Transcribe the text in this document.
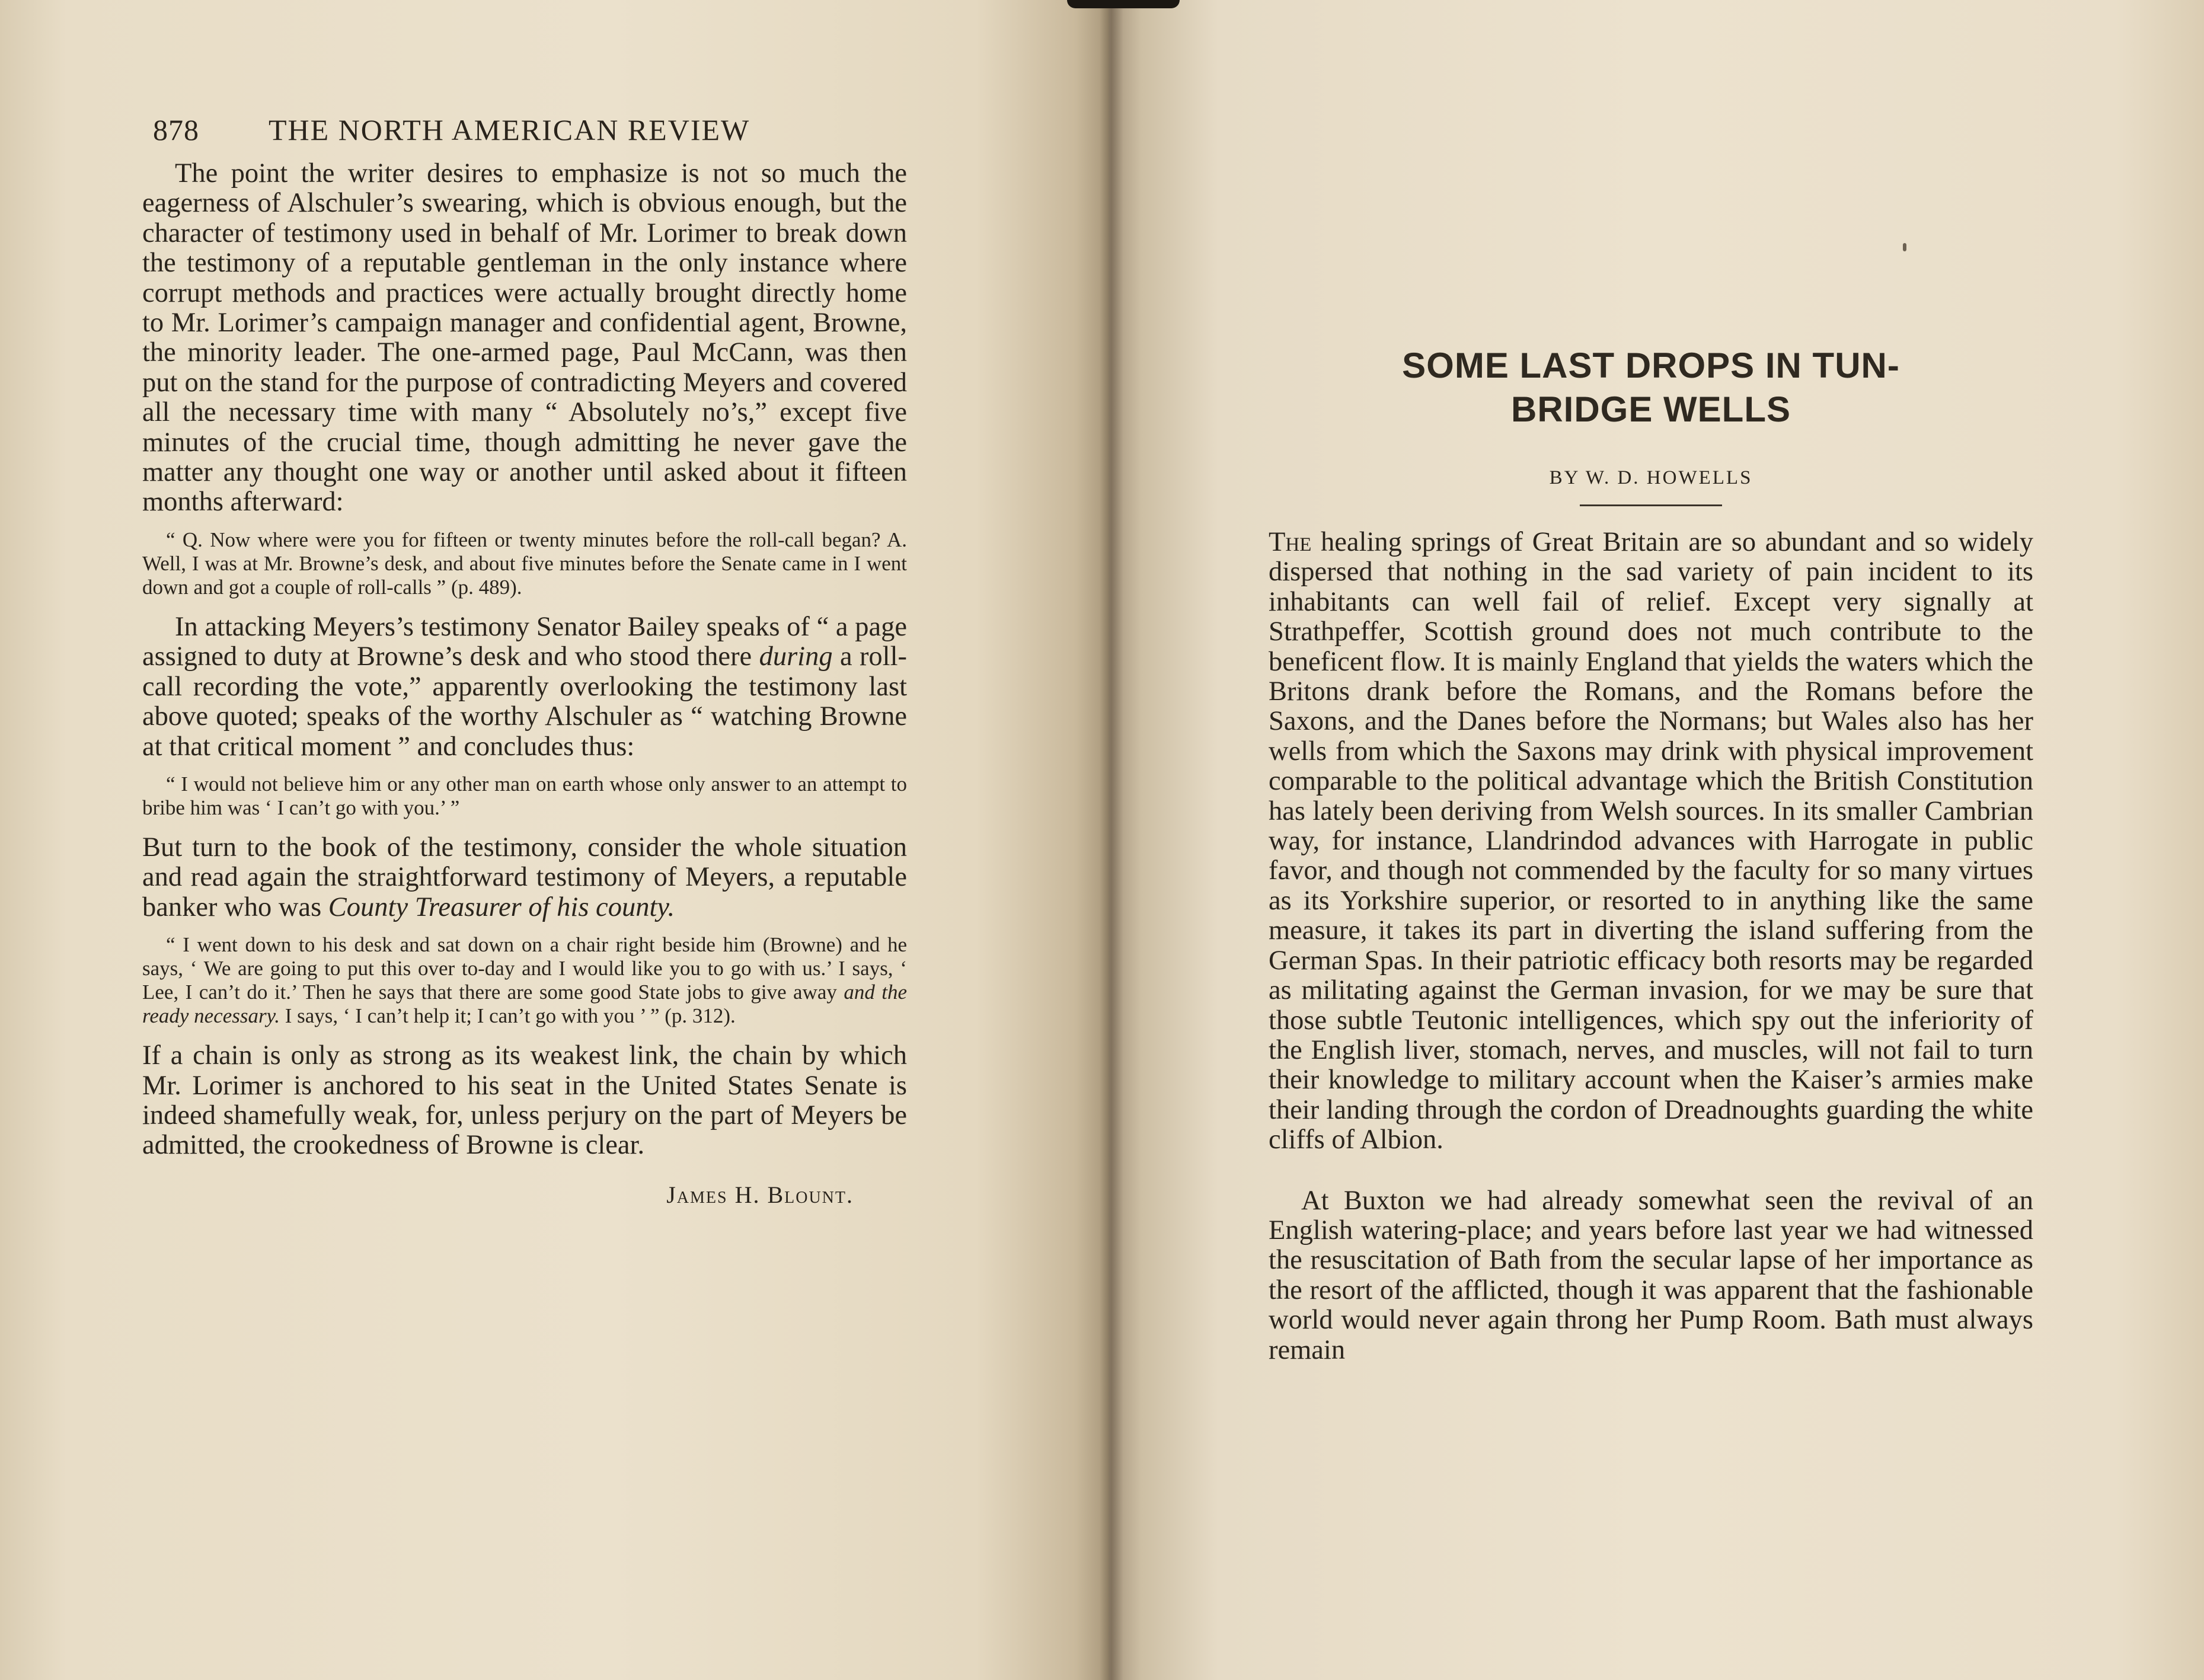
878	THE NORTH AMERICAN REVIEW

The point the writer desires to emphasize is not so much the eagerness of Alschuler’s swearing, which is obvious enough, but the character of testimony used in behalf of Mr. Lorimer to break down the testimony of a reputable gentleman in the only instance where corrupt methods and practices were actually brought directly home to Mr. Lorimer’s campaign manager and confidential agent, Browne, the minority leader. The one-armed page, Paul McCann, was then put on the stand for the purpose of contradicting Meyers and covered all the necessary time with many “ Absolutely no’s,” except five minutes of the crucial time, though admitting he never gave the matter any thought one way or another until asked about it fifteen months afterward:

“ Q. Now where were you for fifteen or twenty minutes before the roll-call began? A. Well, I was at Mr. Browne’s desk, and about five minutes before the Senate came in I went down and got a couple of roll-calls ” (p. 489).

In attacking Meyers’s testimony Senator Bailey speaks of “ a page assigned to duty at Browne’s desk and who stood there during a roll-call recording the vote,” apparently overlooking the testimony last above quoted; speaks of the worthy Alschuler as “ watching Browne at that critical moment ” and concludes thus:

“ I would not believe him or any other man on earth whose only answer to an attempt to bribe him was ‘ I can’t go with you.’ ”

But turn to the book of the testimony, consider the whole situation and read again the straightforward testimony of Meyers, a reputable banker who was County Treasurer of his county.

“ I went down to his desk and sat down on a chair right beside him (Browne) and he says, ‘ We are going to put this over to-day and I would like you to go with us.’ I says, ‘ Lee, I can’t do it.’ Then he says that there are some good State jobs to give away and the ready necessary. I says, ‘ I can’t help it; I can’t go with you ’ ” (p. 312).

If a chain is only as strong as its weakest link, the chain by which Mr. Lorimer is anchored to his seat in the United States Senate is indeed shamefully weak, for, unless perjury on the part of Meyers be admitted, the crookedness of Browne is clear.

James H. Blount.
SOME LAST DROPS IN TUN-
BRIDGE WELLS
BY W. D. HOWELLS

The healing springs of Great Britain are so abundant and so widely dispersed that nothing in the sad variety of pain incident to its inhabitants can well fail of relief. Except very signally at Strathpeffer, Scottish ground does not much contribute to the beneficent flow. It is mainly England that yields the waters which the Britons drank before the Romans, and the Romans before the Saxons, and the Danes before the Normans; but Wales also has her wells from which the Saxons may drink with physical improvement comparable to the political advantage which the British Constitution has lately been deriving from Welsh sources. In its smaller Cambrian way, for instance, Llandrindod advances with Harrogate in public favor, and though not commended by the faculty for so many virtues as its Yorkshire superior, or resorted to in anything like the same measure, it takes its part in diverting the island suffering from the German Spas. In their patriotic efficacy both resorts may be regarded as militating against the German invasion, for we may be sure that those subtle Teutonic intelligences, which spy out the inferiority of the English liver, stomach, nerves, and muscles, will not fail to turn their knowledge to military account when the Kaiser’s armies make their landing through the cordon of Dreadnoughts guarding the white cliffs of Albion.

At Buxton we had already somewhat seen the revival of an English watering-place; and years before last year we had witnessed the resuscitation of Bath from the secular lapse of her importance as the resort of the afflicted, though it was apparent that the fashionable world would never again throng her Pump Room. Bath must always remain
